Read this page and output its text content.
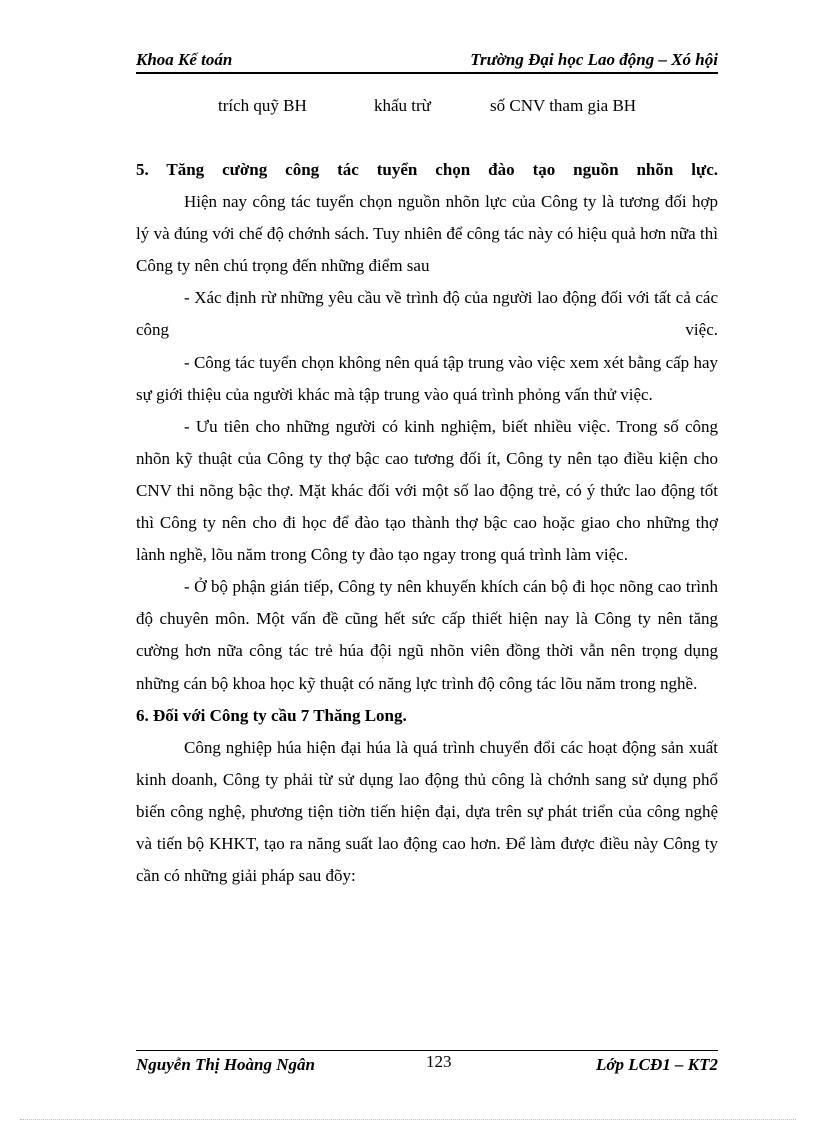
Khoa Kế toán	Trường Đại học Lao động – Xó hội
trích quỹ BH	khấu trừ	số CNV tham gia BH

5. Tăng cường công tác tuyển chọn đào tạo nguồn nhõn lực.

Hiện nay công tác tuyển chọn nguồn nhõn lực của Công ty là tương đối hợp lý và đúng với chế độ chớnh sách. Tuy nhiên để công tác này có hiệu quả hơn nữa thì Công ty nên chú trọng đến những điểm sau

- Xác định rừ những yêu cầu về trình độ của người lao động đối với tất cả các công việc.

- Công tác tuyển chọn không nên quá tập trung vào việc xem xét bằng cấp hay sự giới thiệu của người khác mà tập trung vào quá trình phỏng vấn thử việc.

- Ưu tiên cho những người có kinh nghiệm, biết nhiều việc. Trong số công nhõn kỹ thuật của Công ty thợ bậc cao tương đối ít, Công ty nên tạo điều kiện cho CNV thi nõng bậc thợ. Mặt khác đối với một số lao động trẻ, có ý thức lao động tốt thì Công ty nên cho đi học để đào tạo thành thợ bậc cao hoặc giao cho những thợ lành nghề, lõu năm trong Công ty đào tạo ngay trong quá trình làm việc.

- Ở bộ phận gián tiếp, Công ty nên khuyến khích cán bộ đi học nõng cao trình độ chuyên môn. Một vấn đề cũng hết sức cấp thiết hiện nay là Công ty nên tăng cường hơn nữa công tác trẻ húa đội ngũ nhõn viên đồng thời vẫn nên trọng dụng những cán bộ khoa học kỹ thuật có năng lực trình độ công tác lõu năm trong nghề.

6. Đối với Công ty cầu 7 Thăng Long.

Công nghiệp húa hiện đại húa là quá trình chuyển đổi các hoạt động sản xuất kinh doanh, Công ty phải từ sử dụng lao động thủ công là chớnh sang sử dụng phổ biến công nghệ, phương tiện tiờn tiến hiện đại, dựa trên sự phát triển của công nghệ và tiến bộ KHKT, tạo ra năng suất lao động cao hơn. Để làm được điều này Công ty cần có những giải pháp sau đõy:

Nguyễn Thị Hoàng Ngân	123	Lớp LCĐ1 – KT2
